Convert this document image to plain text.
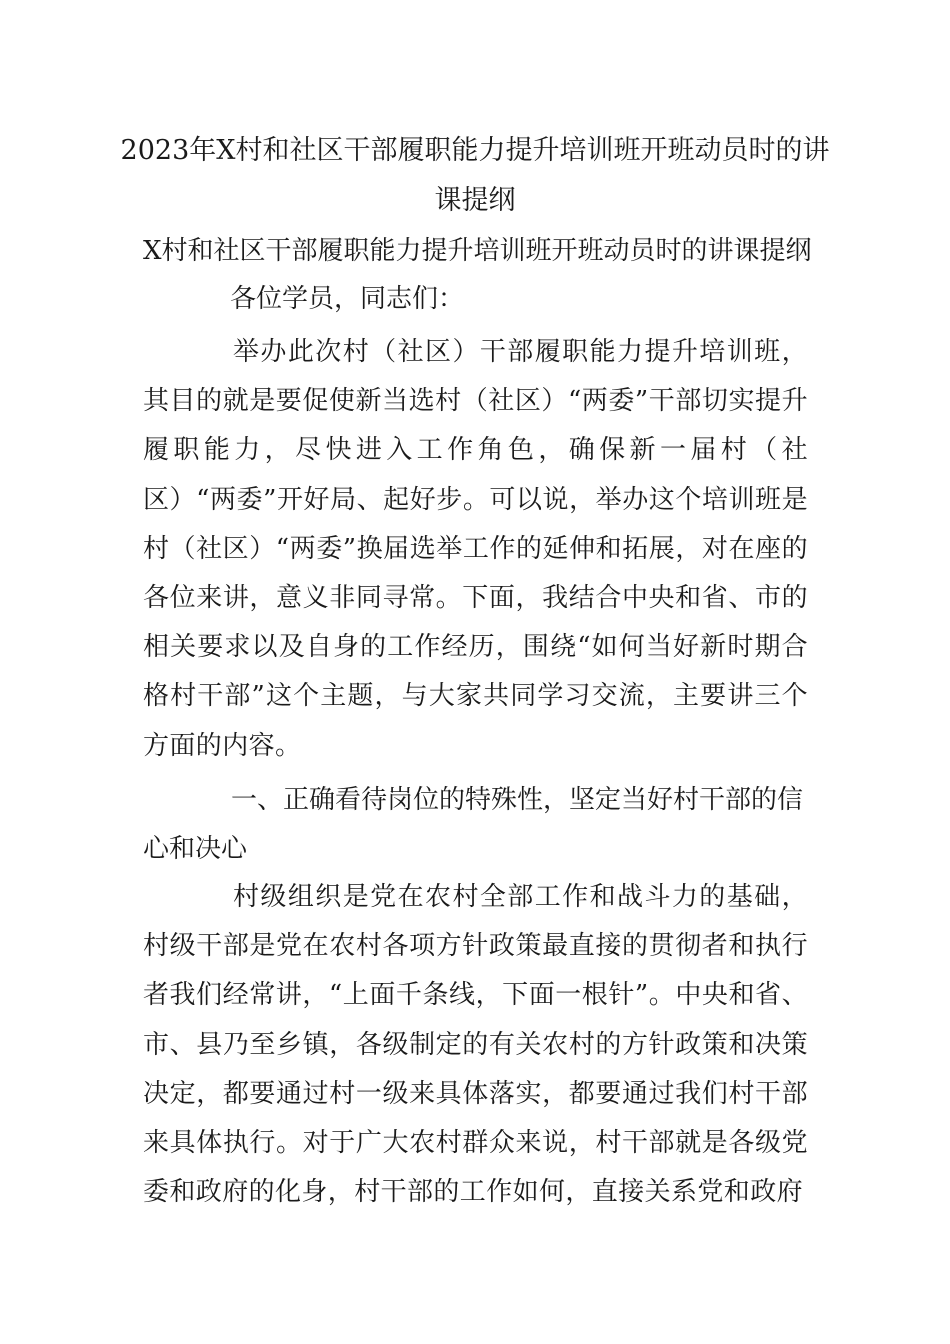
2023年X村和社区干部履职能力提升培训班开班动员时的讲课提纲

X村和社区干部履职能力提升培训班开班动员时的讲课提纲

各位学员，同志们：

举办此次村（社区）干部履职能力提升培训班，其目的就是要促使新当选村（社区）“两委”干部切实提升履职能力，尽快进入工作角色，确保新一届村（社区）“两委”开好局、起好步。可以说，举办这个培训班是村（社区）“两委”换届选举工作的延伸和拓展，对在座的各位来讲，意义非同寻常。下面，我结合中央和省、市的相关要求以及自身的工作经历，围绕“如何当好新时期合格村干部”这个主题，与大家共同学习交流，主要讲三个方面的内容。

一、正确看待岗位的特殊性，坚定当好村干部的信心和决心

村级组织是党在农村全部工作和战斗力的基础，村级干部是党在农村各项方针政策最直接的贯彻者和执行者我们经常讲，“上面千条线，下面一根针”。中央和省、市、县乃至乡镇，各级制定的有关农村的方针政策和决策决定，都要通过村一级来具体落实，都要通过我们村干部来具体执行。对于广大农村群众来说，村干部就是各级党委和政府的化身，村干部的工作如何，直接关系党和政府
